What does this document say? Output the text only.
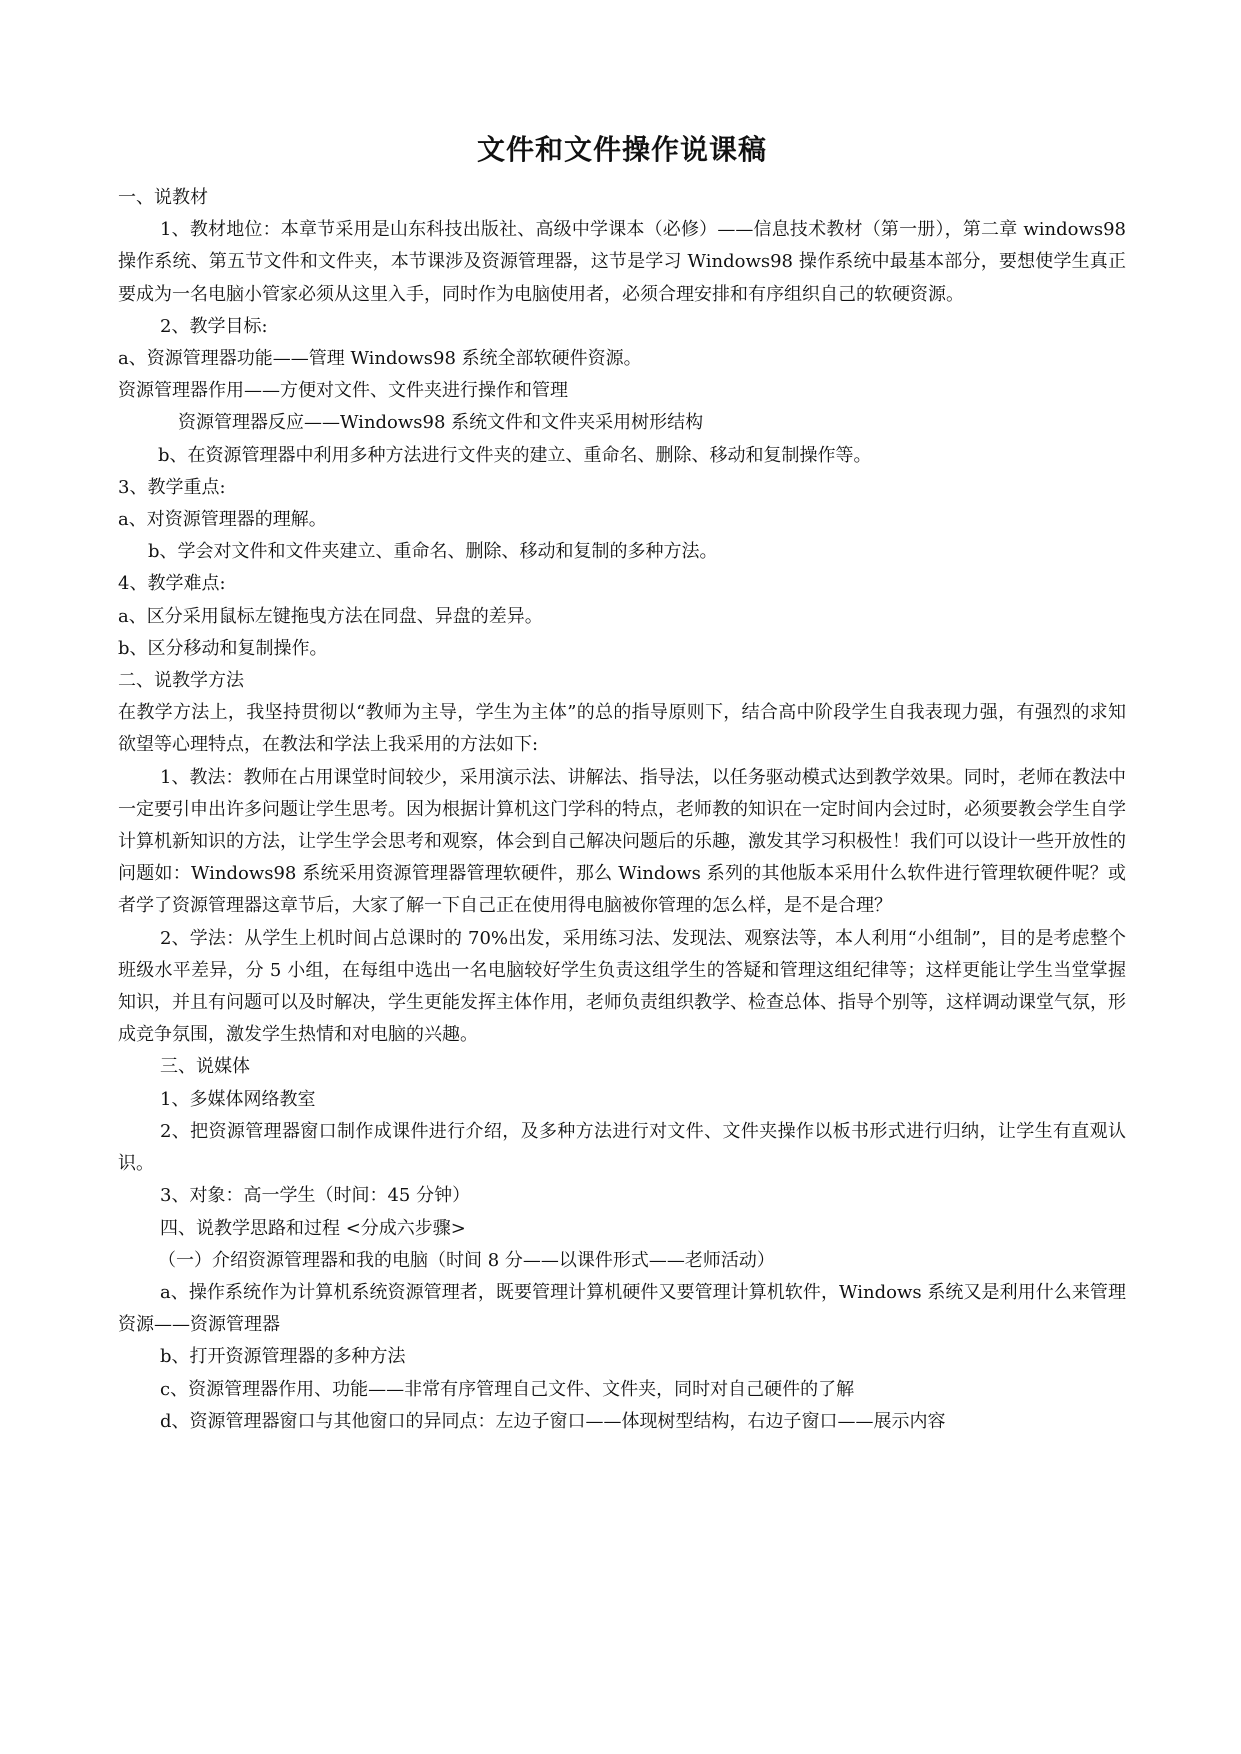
文件和文件操作说课稿

一、说教材

1、教材地位：本章节采用是山东科技出版社、高级中学课本（必修）——信息技术教材（第一册），第二章 windows98 操作系统、第五节文件和文件夹，本节课涉及资源管理器，这节是学习 Windows98 操作系统中最基本部分，要想使学生真正要成为一名电脑小管家必须从这里入手，同时作为电脑使用者，必须合理安排和有序组织自己的软硬资源。

2、教学目标:

a、资源管理器功能——管理 Windows98 系统全部软硬件资源。

资源管理器作用——方便对文件、文件夹进行操作和管理

资源管理器反应——Windows98 系统文件和文件夹采用树形结构

b、在资源管理器中利用多种方法进行文件夹的建立、重命名、删除、移动和复制操作等。

3、教学重点:

a、对资源管理器的理解。

b、学会对文件和文件夹建立、重命名、删除、移动和复制的多种方法。

4、教学难点:

a、区分采用鼠标左键拖曳方法在同盘、异盘的差异。

b、区分移动和复制操作。

二、说教学方法

在教学方法上，我坚持贯彻以“教师为主导，学生为主体”的总的指导原则下，结合高中阶段学生自我表现力强，有强烈的求知欲望等心理特点，在教法和学法上我采用的方法如下:

1、教法：教师在占用课堂时间较少，采用演示法、讲解法、指导法，以任务驱动模式达到教学效果。同时，老师在教法中一定要引申出许多问题让学生思考。因为根据计算机这门学科的特点，老师教的知识在一定时间内会过时，必须要教会学生自学计算机新知识的方法，让学生学会思考和观察，体会到自己解决问题后的乐趣，激发其学习积极性！我们可以设计一些开放性的问题如：Windows98 系统采用资源管理器管理软硬件，那么 Windows 系列的其他版本采用什么软件进行管理软硬件呢？或者学了资源管理器这章节后，大家了解一下自己正在使用得电脑被你管理的怎么样，是不是合理？

2、学法：从学生上机时间占总课时的 70%出发，采用练习法、发现法、观察法等，本人利用“小组制”，目的是考虑整个班级水平差异，分 5 小组，在每组中选出一名电脑较好学生负责这组学生的答疑和管理这组纪律等；这样更能让学生当堂掌握知识，并且有问题可以及时解决，学生更能发挥主体作用，老师负责组织教学、检查总体、指导个别等，这样调动课堂气氛，形成竞争氛围，激发学生热情和对电脑的兴趣。

三、说媒体

1、多媒体网络教室

2、把资源管理器窗口制作成课件进行介绍，及多种方法进行对文件、文件夹操作以板书形式进行归纳，让学生有直观认识。

3、对象：高一学生（时间：45 分钟）

四、说教学思路和过程 <分成六步骤>

（一）介绍资源管理器和我的电脑（时间 8 分——以课件形式——老师活动）

a、操作系统作为计算机系统资源管理者，既要管理计算机硬件又要管理计算机软件，Windows 系统又是利用什么来管理资源——资源管理器

b、打开资源管理器的多种方法

c、资源管理器作用、功能——非常有序管理自己文件、文件夹，同时对自己硬件的了解

d、资源管理器窗口与其他窗口的异同点：左边子窗口——体现树型结构，右边子窗口——展示内容
